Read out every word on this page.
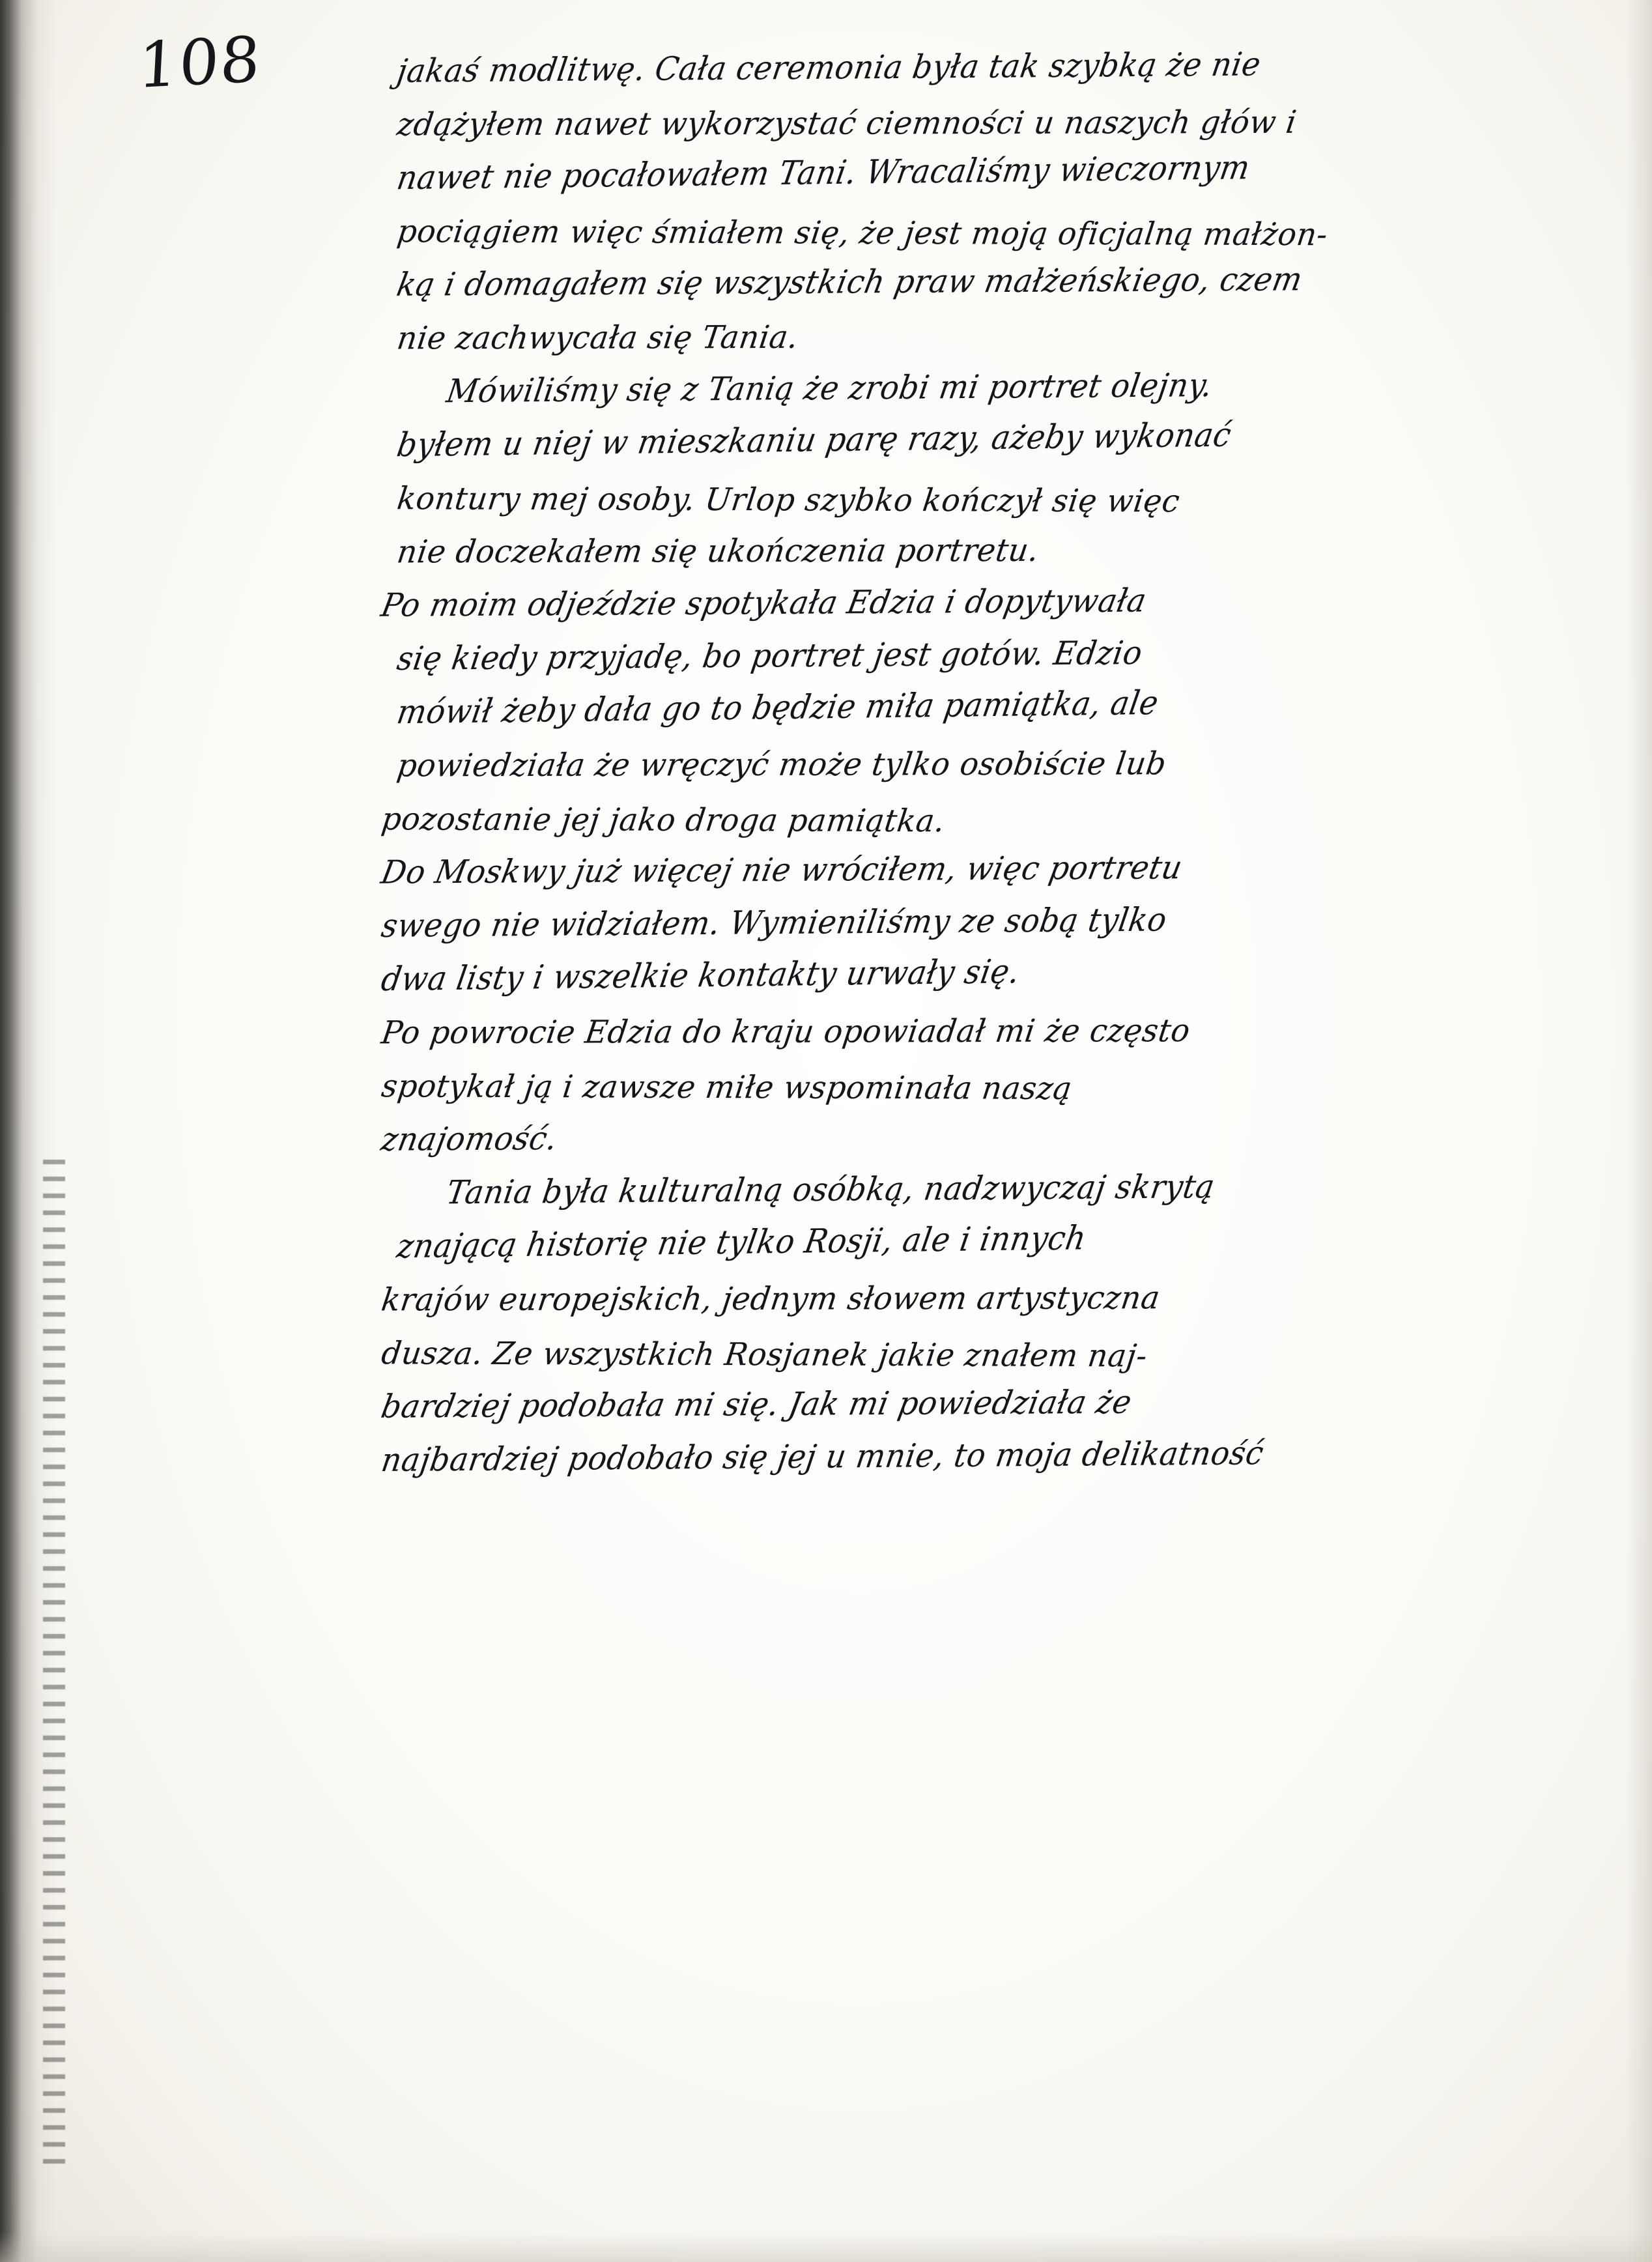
108	jakaś modlitwę. Cała ceremonia była tak szybką że nie
zdążyłem nawet wykorzystać ciemności u naszych głów i
nawet nie pocałowałem Tani. Wracaliśmy wieczornym
pociągiem więc śmiałem się, że jest moją oficjalną małżon-
ką i domagałem się wszystkich praw małżeńskiego, czem
nie zachwycała się Tania.
Mówiliśmy się z Tanią że zrobi mi portret olejny.
byłem u niej w mieszkaniu parę razy, ażeby wykonać
kontury mej osoby. Urlop szybko kończył się więc
nie doczekałem się ukończenia portretu.
Po moim odjeździe spotykała Edzia i dopytywała
się kiedy przyjadę, bo portret jest gotów. Edzio
mówił żeby dała go to będzie miła pamiątka, ale
powiedziała że wręczyć może tylko osobiście lub
pozostanie jej jako droga pamiątka.
Do Moskwy już więcej nie wróciłem, więc portretu
swego nie widziałem. Wymieniliśmy ze sobą tylko
dwa listy i wszelkie kontakty urwały się.
Po powrocie Edzia do kraju opowiadał mi że często
spotykał ją i zawsze miłe wspominała naszą
znajomość.
Tania była kulturalną osóbką, nadzwyczaj skrytą
znającą historię nie tylko Rosji, ale i innych
krajów europejskich, jednym słowem artystyczna
dusza. Ze wszystkich Rosjanek jakie znałem naj-
bardziej podobała mi się. Jak mi powiedziała że
najbardziej podobało się jej u mnie, to moja delikatność
